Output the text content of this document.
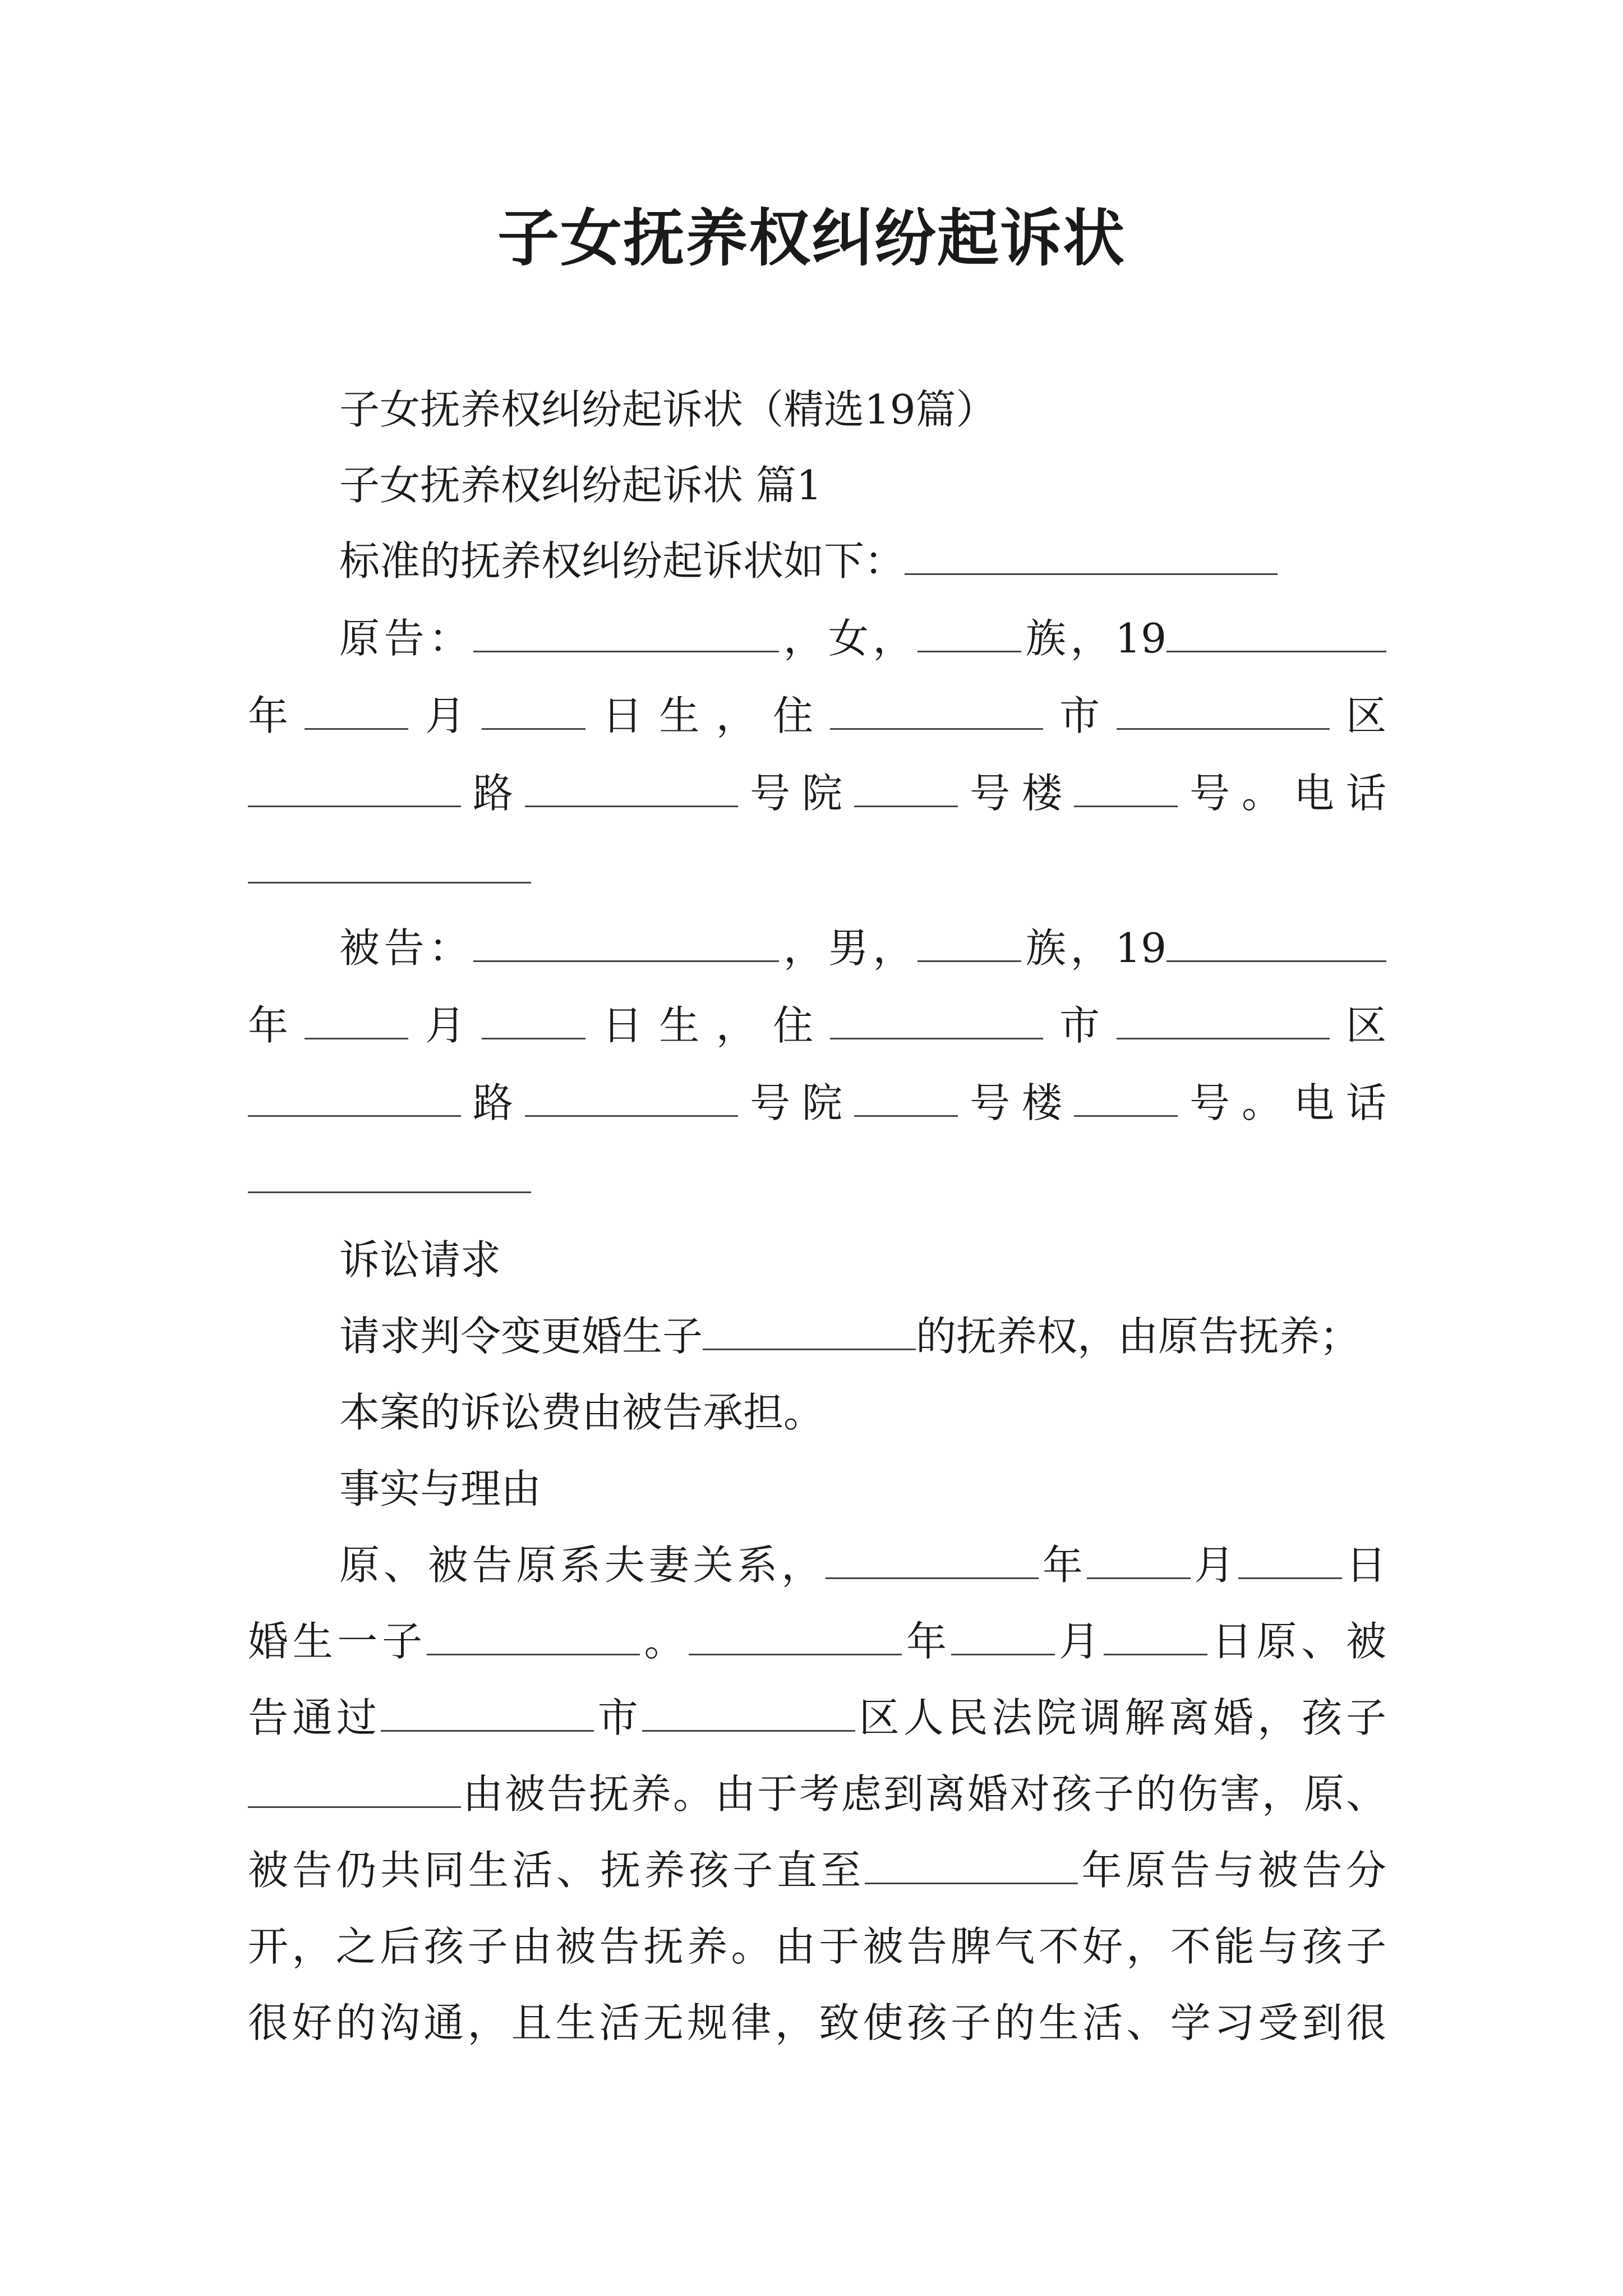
子女抚养权纠纷起诉状
子女抚养权纠纷起诉状（精选19篇）
子女抚养权纠纷起诉状 篇1
标准的抚养权纠纷起诉状如下：
原告：	，女，	族，19
年	月	日生，住	市	区
路	号院	号楼	号。电话
被告：	，男，	族，19
年	月	日生，住	市	区
路	号院	号楼	号。电话
诉讼请求
请求判令变更婚生子	的抚养权，由原告抚养；
本案的诉讼费由被告承担。
事实与理由
原、被告原系夫妻关系，	年	月	日
婚生一子	。	年	月	日原、被
告通过	市	区人民法院调解离婚，孩子
由被告抚养。由于考虑到离婚对孩子的伤害，原、
被告仍共同生活、抚养孩子直至	年原告与被告分
开，之后孩子由被告抚养。由于被告脾气不好，不能与孩子
很好的沟通，且生活无规律，致使孩子的生活、学习受到很
